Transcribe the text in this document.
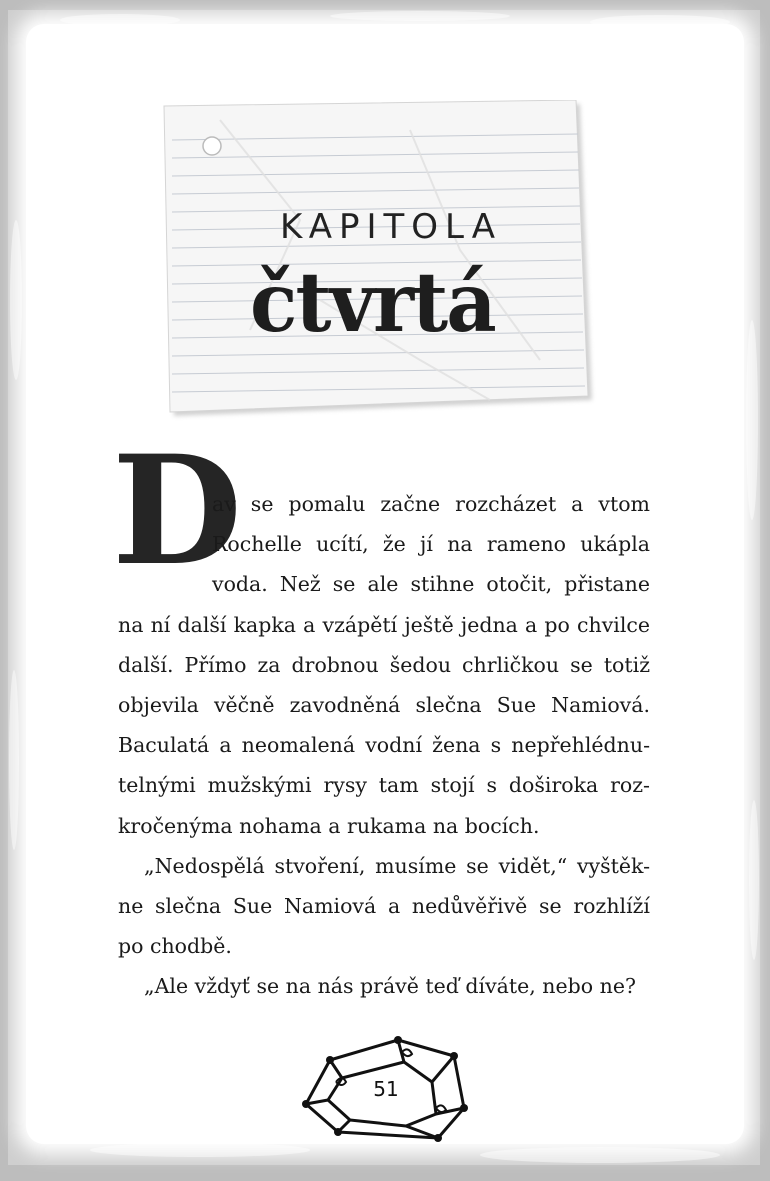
KAPITOLA
čtvrtá
D
av se pomalu začne rozcházet a vtom
Rochelle ucítí, že jí na rameno ukápla
voda. Než se ale stihne otočit, přistane
na ní další kapka a vzápětí ještě jedna a po chvilce
další. Přímo za drobnou šedou chrličkou se totiž
objevila věčně zavodněná slečna Sue Namiová.
Baculatá a neomalená vodní žena s nepřehlédnu-
telnými mužskými rysy tam stojí s doširoka roz-
kročenýma nohama a rukama na bocích.
„Nedospělá stvoření, musíme se vidět,“ vyštěk-
ne slečna Sue Namiová a nedůvěřivě se rozhlíží
po chodbě.
„Ale vždyť se na nás právě teď díváte, nebo ne?
51
